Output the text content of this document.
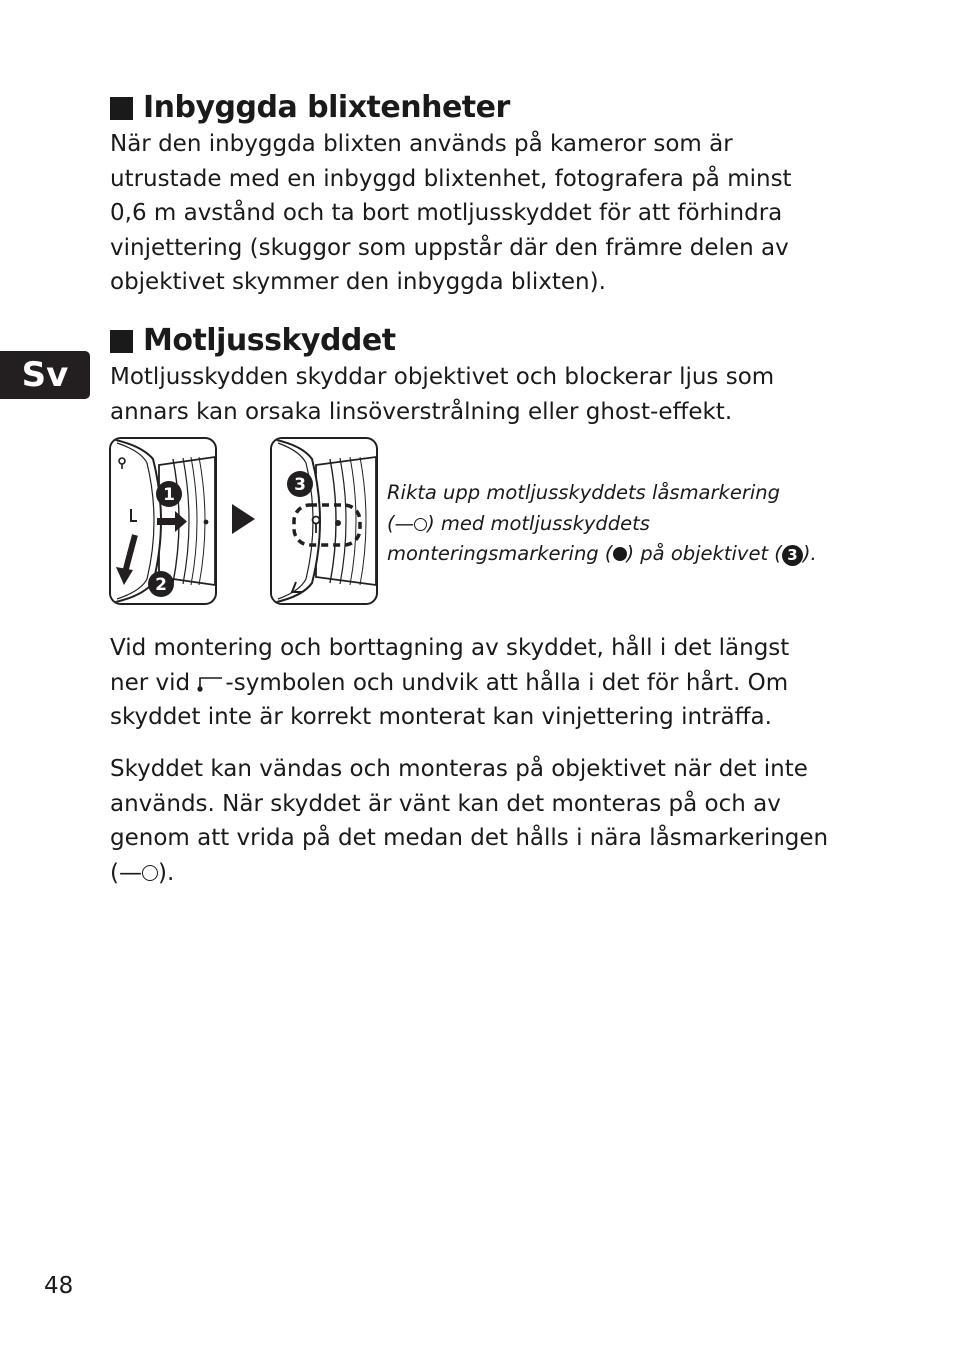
Inbyggda blixtenheter

När den inbyggda blixten används på kameror som är
utrustade med en inbyggd blixtenhet, fotografera på minst
0,6 m avstånd och ta bort motljusskyddet för att förhindra
vinjettering (skuggor som uppstår där den främre delen av
objektivet skymmer den inbyggda blixten).

Sv
Motljusskyddet

Motljusskydden skyddar objektivet och blockerar ljus som
annars kan orsaka linsöverstrålning eller ghost-effekt.

1
2
3	Rikta upp motljusskyddets låsmarkering
(— ) med motljusskyddets
monteringsmarkering ( ) på objektivet ( 3 ).

Vid montering och borttagning av skyddet, håll i det längst
ner vid -symbolen och undvik att hålla i det för hårt. Om
skyddet inte är korrekt monterat kan vinjettering inträffa.

Skyddet kan vändas och monteras på objektivet när det inte
används. När skyddet är vänt kan det monteras på och av
genom att vrida på det medan det hålls i nära låsmarkeringen
(— ).

48
